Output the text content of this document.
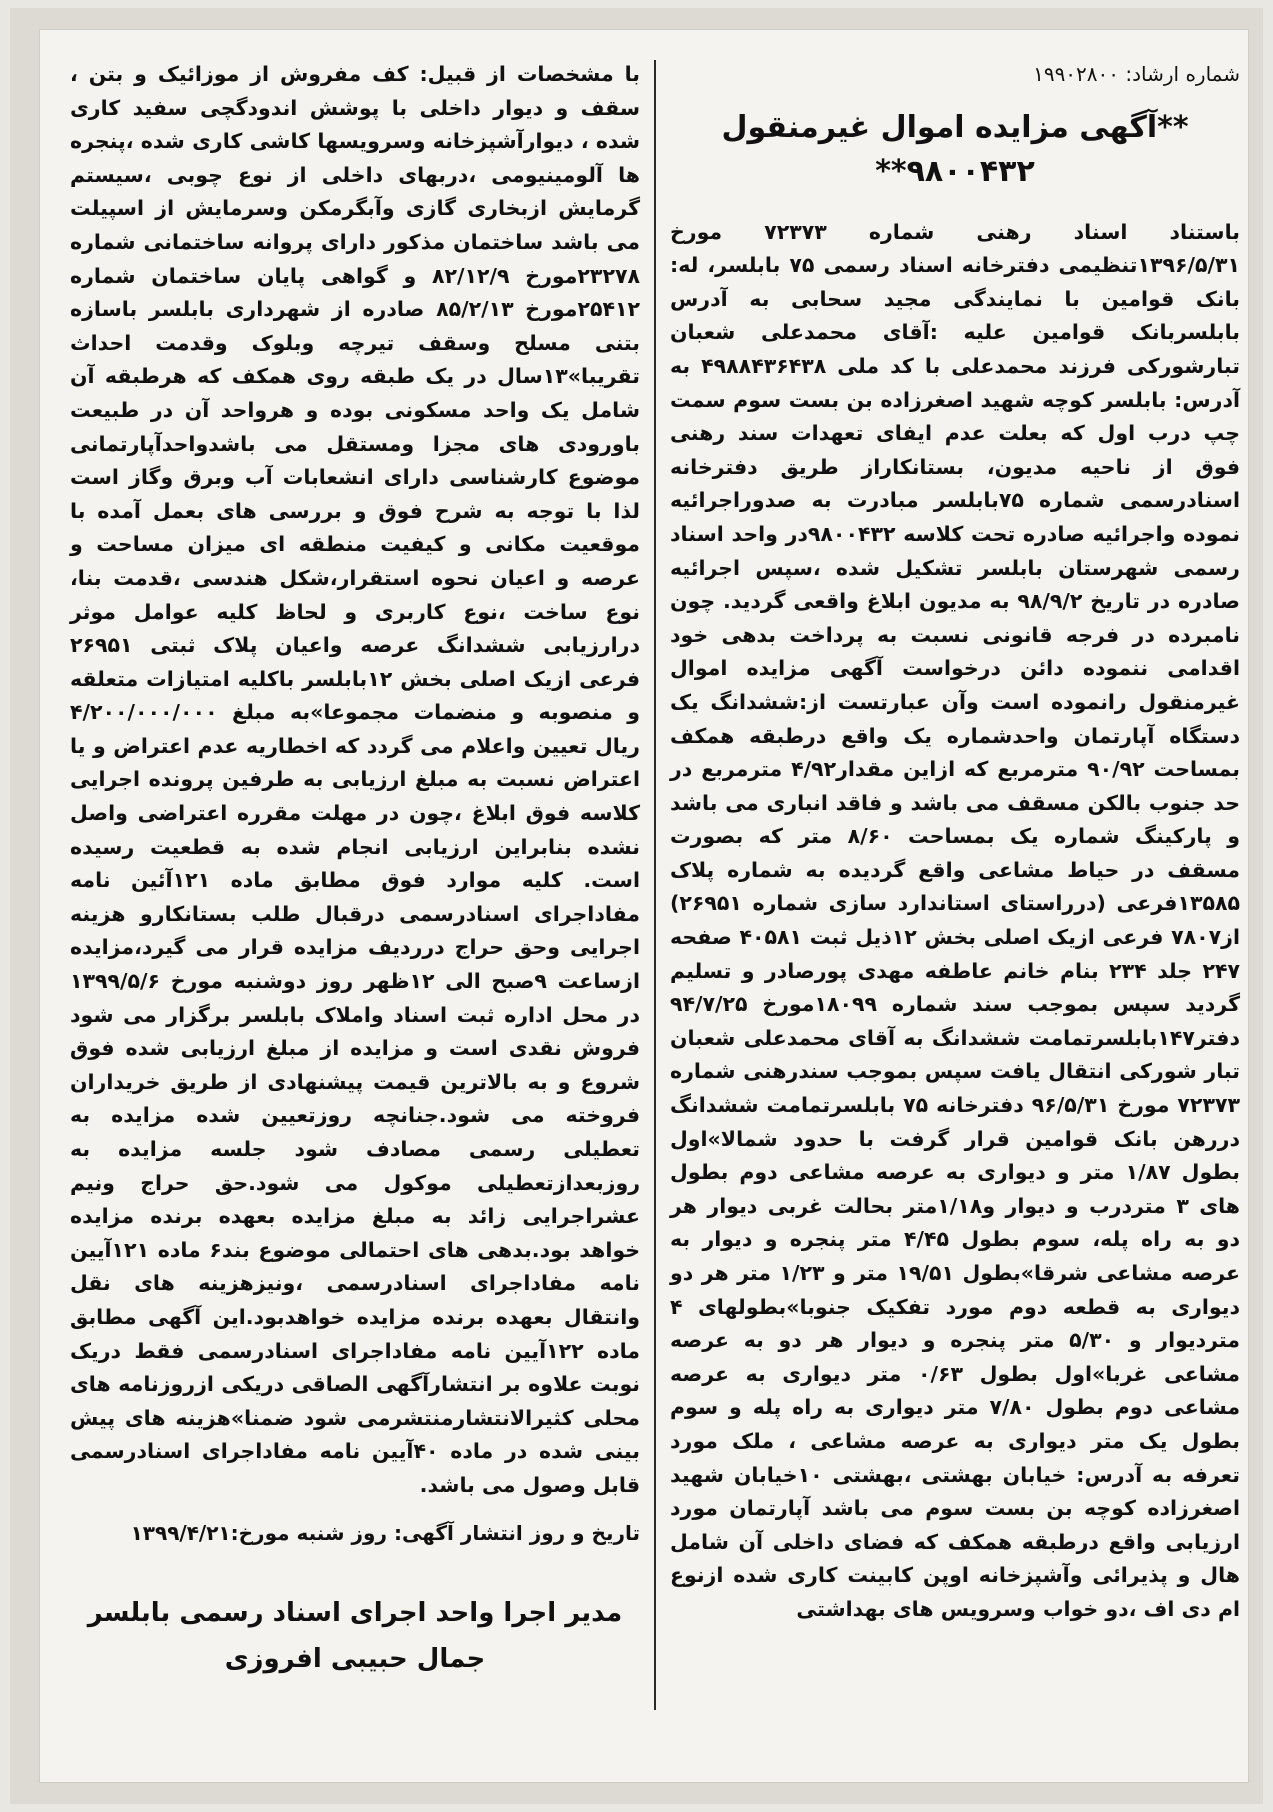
شماره ارشاد: ۱۹۹۰۲۸۰۰
**آگهی مزایده اموال غیرمنقول
۹۸۰۰۴۳۲**

باستناد اسناد رهنی شماره ۷۲۳۷۳ مورخ ۱۳۹۶/۵/۳۱تنظیمی دفترخانه اسناد رسمی ۷۵ بابلسر، له: بانک قوامین با نمایندگی مجید سحابی به آدرس بابلسربانک قوامین علیه :آقای محمدعلی شعبان تبارشورکی فرزند محمدعلی با کد ملی ۴۹۸۸۴۳۶۴۳۸ به آدرس: بابلسر کوچه شهید اصغرزاده بن بست سوم سمت چپ درب اول که بعلت عدم ایفای تعهدات سند رهنی فوق از ناحیه مدیون، بستانکاراز طریق دفترخانه اسنادرسمی شماره ۷۵بابلسر مبادرت به صدوراجرائیه نموده واجرائیه صادره تحت کلاسه ۹۸۰۰۴۳۲در واحد اسناد رسمی شهرستان بابلسر تشکیل شده ،سپس اجرائیه صادره در تاریخ ۹۸/۹/۲ به مدیون ابلاغ واقعی گردید. چون نامبرده در فرجه قانونی نسبت به پرداخت بدهی خود اقدامی ننموده دائن درخواست آگهی مزایده اموال غیرمنقول رانموده است وآن عبارتست از:ششدانگ یک دستگاه آپارتمان واحدشماره یک واقع درطبقه همکف بمساحت ۹۰/۹۲ مترمربع که ازاین مقدار۴/۹۲ مترمربع در حد جنوب بالکن مسقف می باشد و فاقد انباری می باشد و پارکینگ شماره یک بمساحت ۸/۶۰ متر که بصورت مسقف در حیاط مشاعی واقع گردیده به شماره پلاک ۱۳۵۸۵فرعی (درراستای استاندارد سازی شماره ۲۶۹۵۱) از۷۸۰۷ فرعی ازیک اصلی بخش ۱۲ذیل ثبت ۴۰۵۸۱ صفحه ۲۴۷ جلد ۲۳۴ بنام خانم عاطفه مهدی پورصادر و تسلیم گردید سپس بموجب سند شماره ۱۸۰۹۹مورخ ۹۴/۷/۲۵ دفتر۱۴۷بابلسرتمامت ششدانگ به آقای محمدعلی شعبان تبار شورکی انتقال یافت سپس بموجب سندرهنی شماره ۷۲۳۷۳ مورخ ۹۶/۵/۳۱ دفترخانه ۷۵ بابلسرتمامت ششدانگ دررهن بانک قوامین قرار گرفت با حدود شمالا»اول بطول ۱/۸۷ متر و دیواری به عرصه مشاعی دوم بطول های ۳ متردرب و دیوار و۱/۱۸متر بحالت غربی دیوار هر دو به راه پله، سوم بطول ۴/۴۵ متر پنجره و دیوار به عرصه مشاعی شرقا»بطول ۱۹/۵۱ متر و ۱/۲۳ متر هر دو دیواری به قطعه دوم مورد تفکیک جنوبا»بطولهای ۴ متردیوار و ۵/۳۰ متر پنجره و دیوار هر دو به عرصه مشاعی غربا»اول بطول ۰/۶۳ متر دیواری به عرصه مشاعی دوم بطول ۷/۸۰ متر دیواری به راه پله و سوم بطول یک متر دیواری به عرصه مشاعی ، ملک مورد تعرفه به آدرس: خیابان بهشتی ،بهشتی ۱۰خیابان شهید اصغرزاده کوچه بن بست سوم می باشد آپارتمان مورد ارزیابی واقع درطبقه همکف که فضای داخلی آن شامل هال و پذیرائی وآشپزخانه اوپن کابینت کاری شده ازنوع ام دی اف ،دو خواب وسرویس های بهداشتی

با مشخصات از قبیل: کف مفروش از موزائیک و بتن ، سقف و دیوار داخلی با پوشش اندودگچی سفید کاری شده ، دیوارآشپزخانه وسرویسها کاشی کاری شده ،پنجره ها آلومینیومی ،دربهای داخلی از نوع چوبی ،سیستم گرمایش ازبخاری گازی وآبگرمکن وسرمایش از اسپیلت می باشد ساختمان مذکور دارای پروانه ساختمانی شماره ۲۳۲۷۸مورخ ۸۲/۱۲/۹ و گواهی پایان ساختمان شماره ۲۵۴۱۲مورخ ۸۵/۲/۱۳ صادره از شهرداری بابلسر باسازه بتنی مسلح وسقف تیرچه وبلوک وقدمت احداث تقریبا»۱۳سال در یک طبقه روی همکف که هرطبقه آن شامل یک واحد مسکونی بوده و هرواحد آن در طبیعت باورودی های مجزا ومستقل می باشدواحدآپارتمانی موضوع کارشناسی دارای انشعابات آب وبرق وگاز است لذا با توجه به شرح فوق و بررسی های بعمل آمده با موقعیت مکانی و کیفیت منطقه ای میزان مساحت و عرصه و اعیان نحوه استقرار،شکل هندسی ،قدمت بنا، نوع ساخت ،نوع کاربری و لحاظ کلیه عوامل موثر درارزیابی ششدانگ عرصه واعیان پلاک ثبتی ۲۶۹۵۱ فرعی ازیک اصلی بخش ۱۲بابلسر باکلیه امتیازات متعلقه و منصوبه و منضمات مجموعا»به مبلغ ۴/۲۰۰/۰۰۰/۰۰۰ ریال تعیین واعلام می گردد که اخطاریه عدم اعتراض و یا اعتراض نسبت به مبلغ ارزیابی به طرفین پرونده اجرایی کلاسه فوق ابلاغ ،چون در مهلت مقرره اعتراضی واصل نشده بنابراین ارزیابی انجام شده به قطعیت رسیده است. کلیه موارد فوق مطابق ماده ۱۲۱آئین نامه مفاداجرای اسنادرسمی درقبال طلب بستانکارو هزینه اجرایی وحق حراج درردیف مزایده قرار می گیرد،مزایده ازساعت ۹صبح الی ۱۲ظهر روز دوشنبه مورخ ۱۳۹۹/۵/۶ در محل اداره ثبت اسناد واملاک بابلسر برگزار می شود فروش نقدی است و مزایده از مبلغ ارزیابی شده فوق شروع و به بالاترین قیمت پیشنهادی از طریق خریداران فروخته می شود.جنانچه روزتعیین شده مزایده به تعطیلی رسمی مصادف شود جلسه مزایده به روزبعدازتعطیلی موکول می شود.حق حراج ونیم عشراجرایی زائد به مبلغ مزایده بعهده برنده مزایده خواهد بود.بدهی های احتمالی موضوع بند۶ ماده ۱۲۱آیین نامه مفاداجرای اسنادرسمی ،ونیزهزینه های نقل وانتقال بعهده برنده مزایده خواهدبود.این آگهی مطابق ماده ۱۲۲آیین نامه مفاداجرای اسنادرسمی فقط دریک نوبت علاوه بر انتشارآگهی الصاقی دریکی ازروزنامه های محلی کثیرالانتشارمنتشرمی شود ضمنا»هزینه های پیش بینی شده در ماده ۴۰آیین نامه مفاداجرای اسنادرسمی قابل وصول می باشد.

تاریخ و روز انتشار آگهی: روز شنبه مورخ:۱۳۹۹/۴/۲۱

مدیر اجرا واحد اجرای اسناد رسمی بابلسر
جمال حبیبی افروزی
